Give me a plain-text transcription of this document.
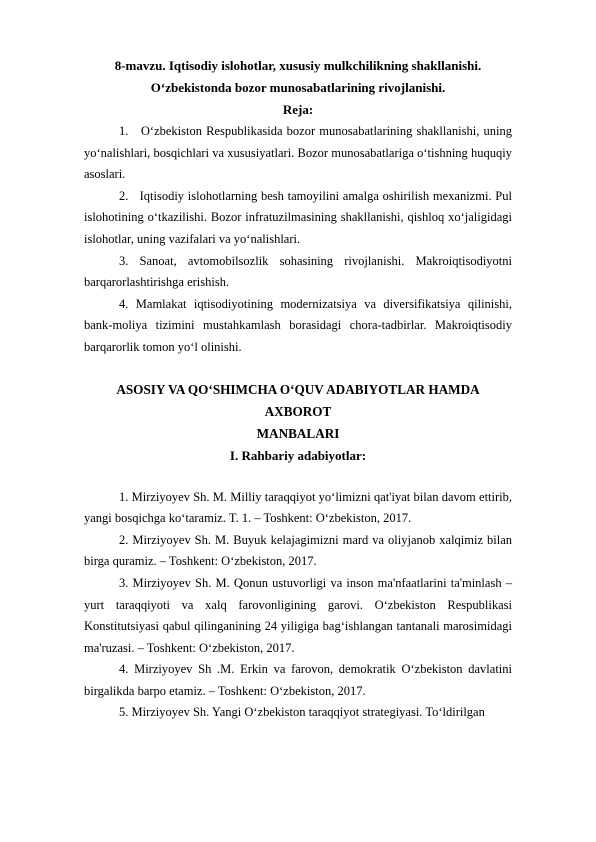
8-mavzu. Iqtisodiy islohotlar, xususiy mulkchilikning shakllanishi.

O‘zbekistonda bozor munosabatlarining rivojlanishi.

Reja:

1.   O‘zbekiston Respublikasida bozor munosabatlarining shakllanishi, uning yo‘nalishlari, bosqichlari va xususiyatlari. Bozor munosabatlariga o‘tishning huquqiy asoslari.

2.   Iqtisodiy islohotlarning besh tamoyilini amalga oshirilish mexanizmi. Pul islohotining o‘tkazilishi. Bozor infratuzilmasining shakllanishi, qishloq xo‘jaligidagi islohotlar, uning vazifalari va yo‘nalishlari.

3. Sanoat, avtomobilsozlik sohasining rivojlanishi. Makroiqtisodiyotni barqarorlashtirishga erishish.

4. Mamlakat iqtisodiyotining modernizatsiya va diversifikatsiya qilinishi, bank-moliya tizimini mustahkamlash borasidagi chora-tadbirlar. Makroiqtisodiy barqarorlik tomon yo‘l olinishi.

ASOSIY VA QO‘SHIMCHA O‘QUV ADABIYOTLAR HAMDA AXBOROT

MANBALARI

I. Rahbariy adabiyotlar:

1. Mirziyoyev Sh. M. Milliy taraqqiyot yo‘limizni qat'iyat bilan davom ettirib, yangi bosqichga ko‘taramiz. T. 1. – Toshkent: O‘zbekiston, 2017.

2. Mirziyoyev Sh. M. Buyuk kelajagimizni mard va oliyjanob xalqimiz bilan birga quramiz. – Toshkent: O‘zbekiston, 2017.

3. Mirziyoyev Sh. M. Qonun ustuvorligi va inson ma'nfaatlarini ta'minlash – yurt taraqqiyoti va xalq farovonligining garovi. O‘zbekiston Respublikasi Konstitutsiyasi qabul qilinganining 24 yiligiga bag‘ishlangan tantanali marosimidagi ma'ruzasi. – Toshkent: O‘zbekiston, 2017.

4. Mirziyoyev Sh .M. Erkin va farovon, demokratik O‘zbekiston davlatini birgalikda barpo etamiz. – Toshkent: O‘zbekiston, 2017.

5. Mirziyoyev Sh. Yangi O‘zbekiston taraqqiyot strategiyasi. To‘ldirilgan
